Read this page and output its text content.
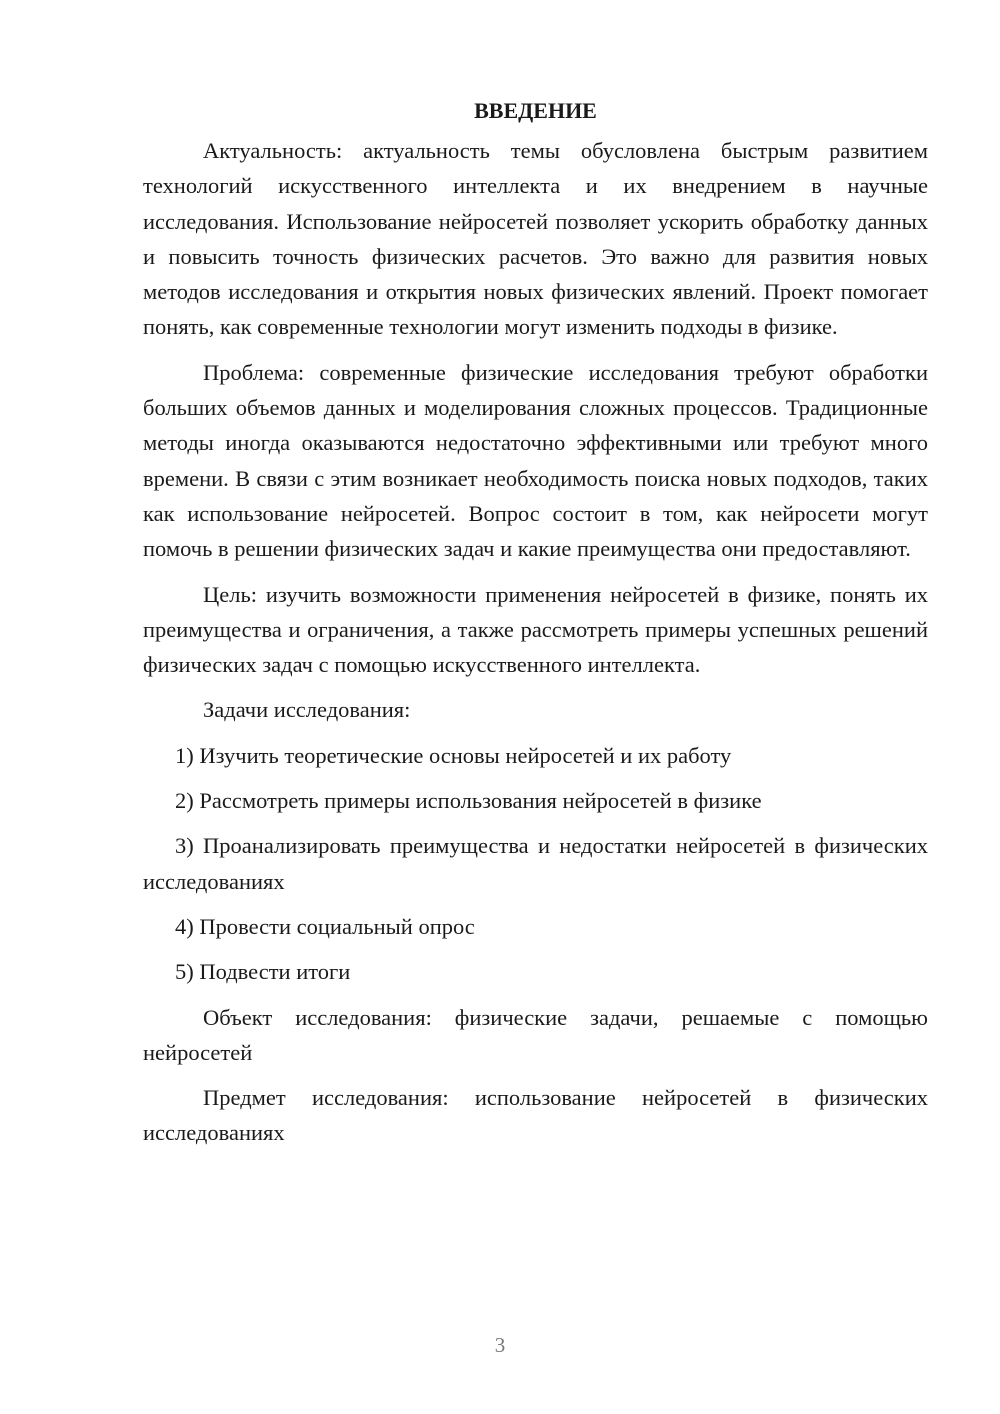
ВВЕДЕНИЕ

Актуальность: актуальность темы обусловлена быстрым развитием технологий искусственного интеллекта и их внедрением в научные исследования. Использование нейросетей позволяет ускорить обработку данных и повысить точность физических расчетов. Это важно для развития новых методов исследования и открытия новых физических явлений. Проект помогает понять, как современные технологии могут изменить подходы в физике.

Проблема: современные физические исследования требуют обработки больших объемов данных и моделирования сложных процессов. Традиционные методы иногда оказываются недостаточно эффективными или требуют много времени. В связи с этим возникает необходимость поиска новых подходов, таких как использование нейросетей. Вопрос состоит в том, как нейросети могут помочь в решении физических задач и какие преимущества они предоставляют.

Цель: изучить возможности применения нейросетей в физике, понять их преимущества и ограничения, а также рассмотреть примеры успешных решений физических задач с помощью искусственного интеллекта.

Задачи исследования:

1) Изучить теоретические основы нейросетей и их работу

2) Рассмотреть примеры использования нейросетей в физике

3) Проанализировать преимущества и недостатки нейросетей в физических исследованиях

4) Провести социальный опрос

5) Подвести итоги

Объект исследования: физические задачи, решаемые с помощью нейросетей

Предмет исследования: использование нейросетей в физических исследованиях

3
